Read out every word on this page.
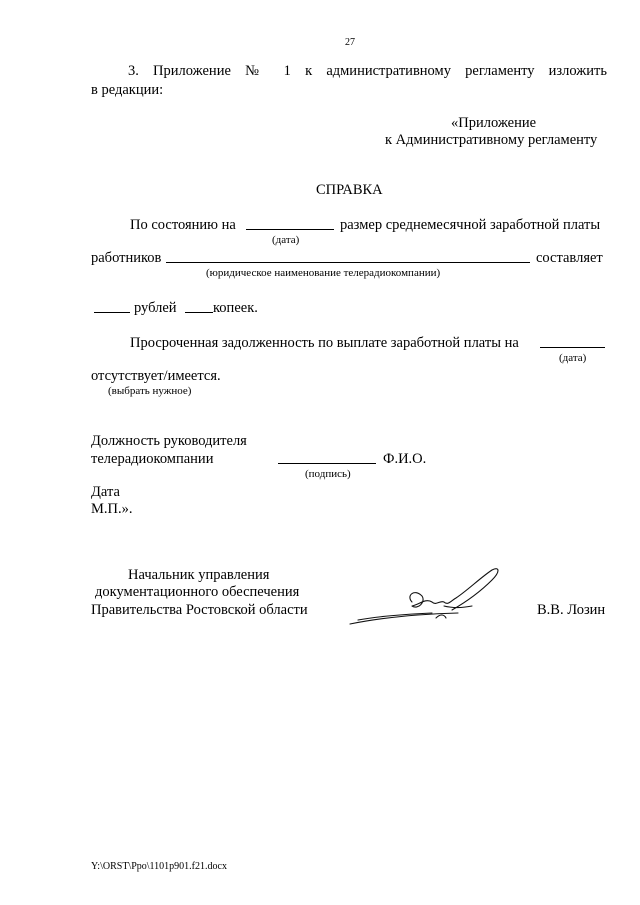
27
3. Приложение № 1 к административному регламенту изложить
в редакции:
«Приложение
к Административному регламенту
СПРАВКА
По состоянию на	размер среднемесячной заработной платы
(дата)
работников	составляет
(юридическое наименование телерадиокомпании)
рублей	копеек.
Просроченная задолженность по выплате заработной платы на
(дата)
отсутствует/имеется.
(выбрать нужное)
Должность руководителя
телерадиокомпании	Ф.И.О.
(подпись)
Дата
М.П.».
Начальник управления
документационного обеспечения
Правительства Ростовской области	В.В. Лозин
Y:\ORST\Ppo\1101p901.f21.docx
